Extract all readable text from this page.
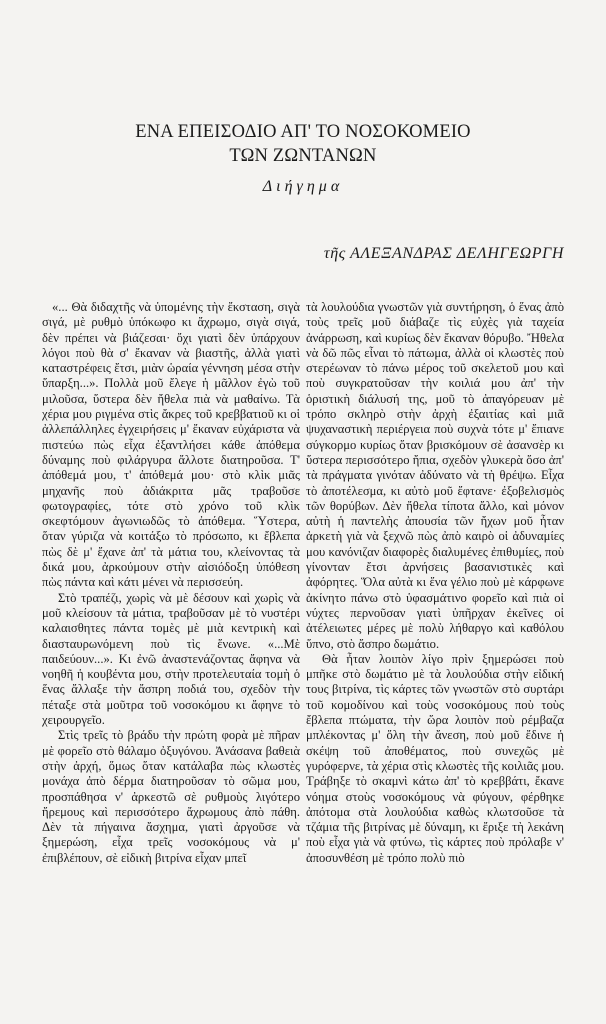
ΕΝΑ ΕΠΕΙΣΟΔΙΟ ΑΠ' ΤΟ ΝΟΣΟΚΟΜΕΙΟ
ΤΩΝ ΖΩΝΤΑΝΩΝ
Διήγημα
τῆς ΑΛΕΞΑΝΔΡΑΣ ΔΕΛΗΓΕΩΡΓΗ

«... Θὰ διδαχτῆς νὰ ὑπομένης τὴν ἔκσταση, σιγὰ σιγά, μὲ ρυθμὸ ὑπόκωφο κι ἄχρωμο, σιγὰ σιγά, δὲν πρέπει νὰ βιάζεσαι· ὄχι γιατὶ δὲν ὑπάρχουν λόγοι ποὺ θὰ σ' ἔκαναν νὰ βιαστῆς, ἀλλὰ γιατὶ καταστρέφεις ἔτσι, μιὰν ὡραία γέννηση μέσα στὴν ὕπαρξη...». Πολλὰ μοῦ ἔλεγε ἡ μᾶλλον ἐγὼ τοῦ μιλοῦσα, ὕστερα δὲν ἤθελα πιὰ νὰ μαθαίνω. Τὰ χέρια μου ριγμένα στὶς ἄκρες τοῦ κρεββατιοῦ κι οἱ ἀλλεπάλληλες ἐγχειρήσεις μ' ἔκαναν εὐχάριστα νὰ πιστεύω πὼς εἶχα ἐξαντλήσει κάθε ἀπόθεμα δύναμης ποὺ φιλάργυρα ἄλλοτε διατηροῦσα. Τ' ἀπόθεμά μου, τ' ἀπόθεμά μου· στὸ κλὶκ μιᾶς μηχανῆς ποὺ ἀδιάκριτα μᾶς τραβοῦσε φωτογραφίες, τότε στὸ χρόνο τοῦ κλὶκ σκεφτόμουν ἀγωνιωδῶς τὸ ἀπόθεμα. Ὕστερα, ὅταν γύριζα νὰ κοιτάξω τὸ πρόσωπο, κι ἔβλεπα πὼς δὲ μ' ἔχανε ἀπ' τὰ μάτια του, κλείνοντας τὰ δικά μου, ἀρκούμουν στὴν αἰσιόδοξη ὑπόθεση πὼς πάντα καὶ κάτι μένει νὰ περισσεύη.

Στὸ τραπέζι, χωρὶς νὰ μὲ δέσουν καὶ χωρὶς νὰ μοῦ κλείσουν τὰ μάτια, τραβοῦσαν μὲ τὸ νυστέρι καλαισθητες πάντα τομὲς μὲ μιὰ κεντρικὴ καὶ διασταυρωνόμενη ποὺ τὶς ἕνωνε. «...Μὲ παιδεύουν...». Κι ἐνῶ ἀναστενάζοντας ἄφηνα νὰ νοηθῆ ἡ κουβέντα μου, στὴν προτελευταία τομὴ ὁ ἕνας ἄλλαξε τὴν ἄσπρη ποδιά του, σχεδὸν τὴν πέταξε στὰ μοῦτρα τοῦ νοσοκόμου κι ἄφηνε τὸ χειρουργεῖο.

Στὶς τρεῖς τὸ βράδυ τὴν πρώτη φορὰ μὲ πῆραν μὲ φορεῖο στὸ θάλαμο ὀξυγόνου. Ἀνάσανα βαθειὰ στὴν ἀρχή, ὅμως ὅταν κατάλαβα πὼς κλωστὲς μονάχα ἀπὸ δέρμα διατηροῦσαν τὸ σῶμα μου, προσπάθησα ν' ἀρκεστῶ σὲ ρυθμοὺς λιγότερο ἤρεμους καὶ περισσότερο ἄχρωμους ἀπὸ πάθη. Δὲν τὰ πήγαινα ἄσχημα, γιατὶ ἀργοῦσε νὰ ξημερώση, εἶχα τρεῖς νοσοκόμους νὰ μ' ἐπιβλέπουν, σὲ εἰδικὴ βιτρίνα εἶχαν μπεῖ

τὰ λουλούδια γνωστῶν γιὰ συντήρηση, ὁ ἕνας ἀπὸ τοὺς τρεῖς μοῦ διάβαζε τὶς εὐχὲς γιὰ ταχεία ἀνάρρωση, καὶ κυρίως δὲν ἔκαναν θόρυβο. Ἤθελα νὰ δῶ πῶς εἶναι τὸ πάτωμα, ἀλλὰ οἱ κλωστὲς ποὺ στερέωναν τὸ πάνω μέρος τοῦ σκελετοῦ μου καὶ ποὺ συγκρατοῦσαν τὴν κοιλιά μου ἀπ' τὴν ὁριστικὴ διάλυσή της, μοῦ τὸ ἀπαγόρευαν μὲ τρόπο σκληρὸ στὴν ἀρχὴ ἐξαιτίας καὶ μιᾶ ψυχαναστικὴ περιέργεια ποὺ συχνὰ τότε μ' ἔπιανε σύγκορμο κυρίως ὅταν βρισκόμουν σὲ ἀσανσὲρ κι ὕστερα περισσότερο ἤπια, σχεδὸν γλυκερὰ ὅσο ἀπ' τὰ πράγματα γινόταν ἀδύνατο νὰ τὴ θρέψω. Εἶχα τὸ ἀποτέλεσμα, κι αὐτὸ μοῦ ἔφτανε· ἐξοβελισμὸς τῶν θορύβων. Δὲν ἤθελα τίποτα ἄλλο, καὶ μόνον αὐτὴ ἡ παντελὴς ἀπουσία τῶν ἤχων μοῦ ἦταν ἀρκετὴ γιὰ νὰ ξεχνῶ πὼς ἀπὸ καιρὸ οἱ ἀδυναμίες μου κανόνιζαν διαφορὲς διαλυμένες ἐπιθυμίες, ποὺ γίνονταν ἔτσι ἀρνήσεις βασανιστικὲς καὶ ἀφόρητες. Ὅλα αὐτὰ κι ἕνα γέλιο ποὺ μὲ κάρφωνε ἀκίνητο πάνω στὸ ὑφασμάτινο φορεῖο καὶ πιὰ οἱ νύχτες περνοῦσαν γιατὶ ὑπῆρχαν ἐκεῖνες οἱ ἀτέλειωτες μέρες μὲ πολὺ λήθαργο καὶ καθόλου ὕπνο, στὸ ἄσπρο δωμάτιο.

Θὰ ἦταν λοιπὸν λίγο πρὶν ξημερώσει ποὺ μπῆκε στὸ δωμάτιο μὲ τὰ λουλούδια στὴν εἰδική τους βιτρίνα, τὶς κάρτες τῶν γνωστῶν στὸ συρτάρι τοῦ κομοδίνου καὶ τοὺς νοσοκόμους ποὺ τοὺς ἔβλεπα πτώματα, τὴν ὥρα λοιπὸν ποὺ ρέμβαζα μπλέκοντας μ' ὅλη τὴν ἄνεση, ποὺ μοῦ ἔδινε ἡ σκέψη τοῦ ἀποθέματος, ποὺ συνεχῶς μὲ γυρόφερνε, τὰ χέρια στὶς κλωστὲς τῆς κοιλιᾶς μου. Τράβηξε τὸ σκαμνὶ κάτω ἀπ' τὸ κρεββάτι, ἔκανε νόημα στοὺς νοσοκόμους νὰ φύγουν, φέρθηκε ἀπότομα στὰ λουλούδια καθὼς κλωτσοῦσε τὰ τζάμια τῆς βιτρίνας μὲ δύναμη, κι ἔριξε τὴ λεκάνη ποὺ εἶχα γιὰ νὰ φτύνω, τὶς κάρτες ποὺ πρόλαβε ν' ἀποσυνθέση μὲ τρόπο πολὺ πιὸ
